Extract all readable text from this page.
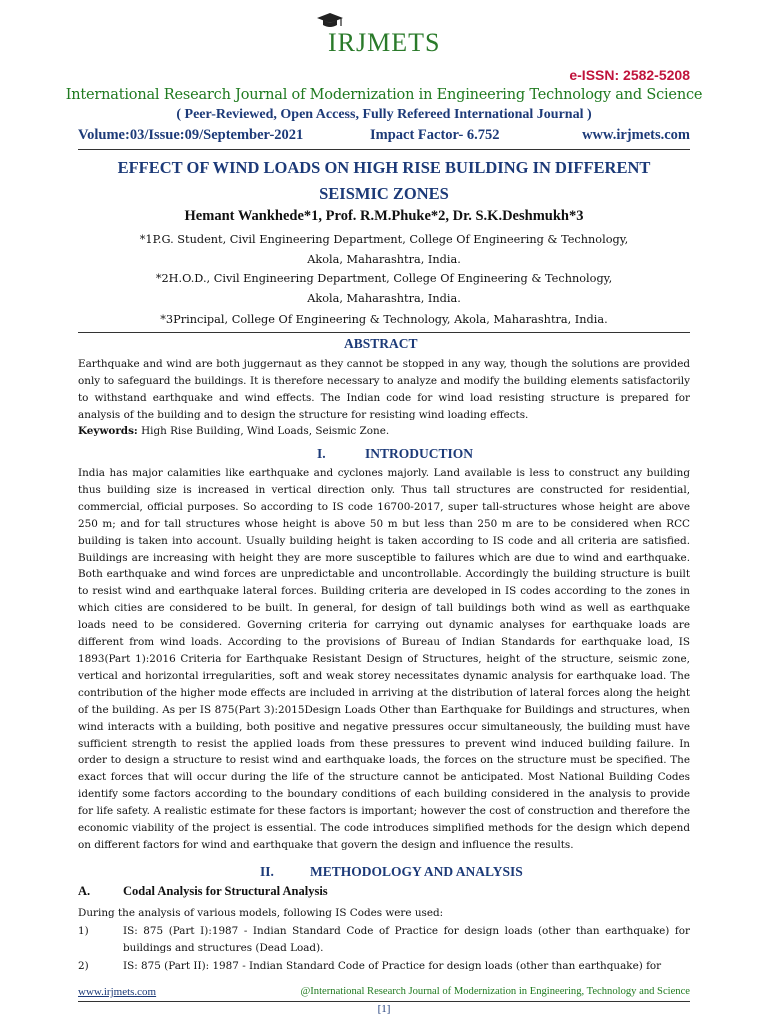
IRJMETS
e-ISSN: 2582-5208
International Research Journal of Modernization in Engineering Technology and Science
( Peer-Reviewed, Open Access, Fully Refereed International Journal )
Volume:03/Issue:09/September-2021	Impact Factor- 6.752	www.irjmets.com
EFFECT OF WIND LOADS ON HIGH RISE BUILDING IN DIFFERENT
SEISMIC ZONES
Hemant Wankhede*1, Prof. R.M.Phuke*2, Dr. S.K.Deshmukh*3
*1P.G. Student, Civil Engineering Department, College Of Engineering & Technology,
Akola, Maharashtra, India.
*2H.O.D., Civil Engineering Department, College Of Engineering & Technology,
Akola, Maharashtra, India.
*3Principal, College Of Engineering & Technology, Akola, Maharashtra, India.
ABSTRACT
Earthquake and wind are both juggernaut as they cannot be stopped in any way, though the solutions are provided only to safeguard the buildings. It is therefore necessary to analyze and modify the building elements satisfactorily to withstand earthquake and wind effects. The Indian code for wind load resisting structure is prepared for analysis of the building and to design the structure for resisting wind loading effects.
Keywords: High Rise Building, Wind Loads, Seismic Zone.
I.	INTRODUCTION
India has major calamities like earthquake and cyclones majorly. Land available is less to construct any building thus building size is increased in vertical direction only. Thus tall structures are constructed for residential, commercial, official purposes. So according to IS code 16700-2017, super tall-structures whose height are above 250 m; and for tall structures whose height is above 50 m but less than 250 m are to be considered when RCC building is taken into account. Usually building height is taken according to IS code and all criteria are satisfied. Buildings are increasing with height they are more susceptible to failures which are due to wind and earthquake. Both earthquake and wind forces are unpredictable and uncontrollable. Accordingly the building structure is built to resist wind and earthquake lateral forces. Building criteria are developed in IS codes according to the zones in which cities are considered to be built. In general, for design of tall buildings both wind as well as earthquake loads need to be considered. Governing criteria for carrying out dynamic analyses for earthquake loads are different from wind loads. According to the provisions of Bureau of Indian Standards for earthquake load, IS 1893(Part 1):2016 Criteria for Earthquake Resistant Design of Structures, height of the structure, seismic zone, vertical and horizontal irregularities, soft and weak storey necessitates dynamic analysis for earthquake load. The contribution of the higher mode effects are included in arriving at the distribution of lateral forces along the height of the building. As per IS 875(Part 3):2015Design Loads Other than Earthquake for Buildings and structures, when wind interacts with a building, both positive and negative pressures occur simultaneously, the building must have sufficient strength to resist the applied loads from these pressures to prevent wind induced building failure. In order to design a structure to resist wind and earthquake loads, the forces on the structure must be specified. The exact forces that will occur during the life of the structure cannot be anticipated. Most National Building Codes identify some factors according to the boundary conditions of each building considered in the analysis to provide for life safety. A realistic estimate for these factors is important; however the cost of construction and therefore the economic viability of the project is essential. The code introduces simplified methods for the design which depend on different factors for wind and earthquake that govern the design and influence the results.
II.	METHODOLOGY AND ANALYSIS
A.	Codal Analysis for Structural Analysis
During the analysis of various models, following IS Codes were used:
1)	IS: 875 (Part I):1987 - Indian Standard Code of Practice for design loads (other than earthquake) for buildings and structures (Dead Load).
2)	IS: 875 (Part II): 1987 - Indian Standard Code of Practice for design loads (other than earthquake) for
www.irjmets.com	@International Research Journal of Modernization in Engineering, Technology and Science
[1]
